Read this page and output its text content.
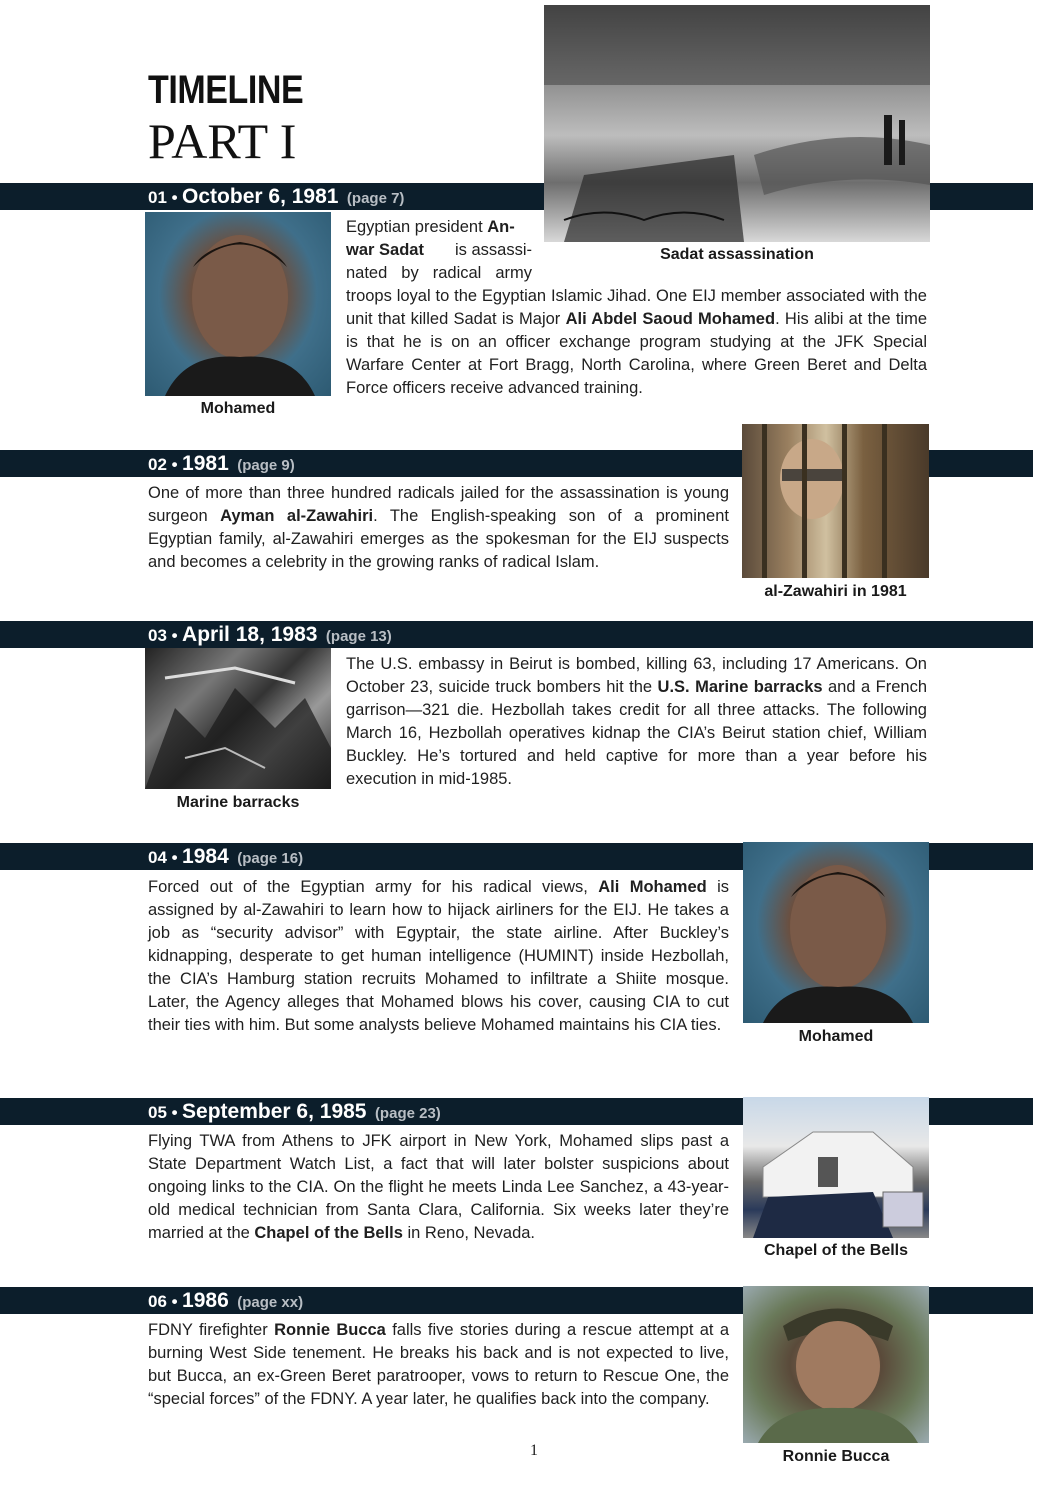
TIMELINE
PART I
01 • October 6, 1981 (page 7)
Sadat assassination
Mohamed
Egyptian president An-
war Sadat is assassi-
nated by radical army
troops loyal to the Egyptian Islamic Jihad. One EIJ member associated with the unit that killed Sadat is Major Ali Abdel Saoud Mohamed. His alibi at the time is that he is on an officer exchange program studying at the JFK Special Warfare Center at Fort Bragg, North Carolina, where Green Beret and Delta Force officers receive advanced training.
02 • 1981 (page 9)
al-Zawahiri in 1981
One of more than three hundred radicals jailed for the assassination is young surgeon Ayman al-Zawahiri. The English-speaking son of a prominent Egyptian family, al-Zawahiri emerges as the spokesman for the EIJ suspects and becomes a celebrity in the growing ranks of radical Islam.
03 • April 18, 1983 (page 13)
Marine barracks
The U.S. embassy in Beirut is bombed, killing 63, including 17 Americans. On October 23, suicide truck bombers hit the U.S. Marine barracks and a French garrison—321 die. Hezbollah takes credit for all three attacks. The following March 16, Hezbollah operatives kidnap the CIA’s Beirut station chief, William Buckley. He’s tortured and held captive for more than a year before his execution in mid-1985.
04 • 1984 (page 16)
Mohamed
Forced out of the Egyptian army for his radical views, Ali Mohamed is assigned by al-Zawahiri to learn how to hijack airliners for the EIJ. He takes a job as “security advisor” with Egyptair, the state airline. After Buckley’s kidnapping, desperate to get human intelligence (HUMINT) inside Hezbollah, the CIA’s Hamburg station recruits Mohamed to infiltrate a Shiite mosque. Later, the Agency alleges that Mohamed blows his cover, causing CIA to cut their ties with him. But some analysts believe Mohamed maintains his CIA ties.
05 • September 6, 1985 (page 23)
Chapel of the Bells
Flying TWA from Athens to JFK airport in New York, Mohamed slips past a State Department Watch List, a fact that will later bolster suspicions about ongoing links to the CIA. On the flight he meets Linda Lee Sanchez, a 43-year-old medical technician from Santa Clara, California. Six weeks later they’re married at the Chapel of the Bells in Reno, Nevada.
06 • 1986 (page xx)
Ronnie Bucca
FDNY firefighter Ronnie Bucca falls five stories during a rescue attempt at a burning West Side tenement. He breaks his back and is not expected to live, but Bucca, an ex-Green Beret paratrooper, vows to return to Rescue One, the “special forces” of the FDNY. A year later, he qualifies back into the company.
1
